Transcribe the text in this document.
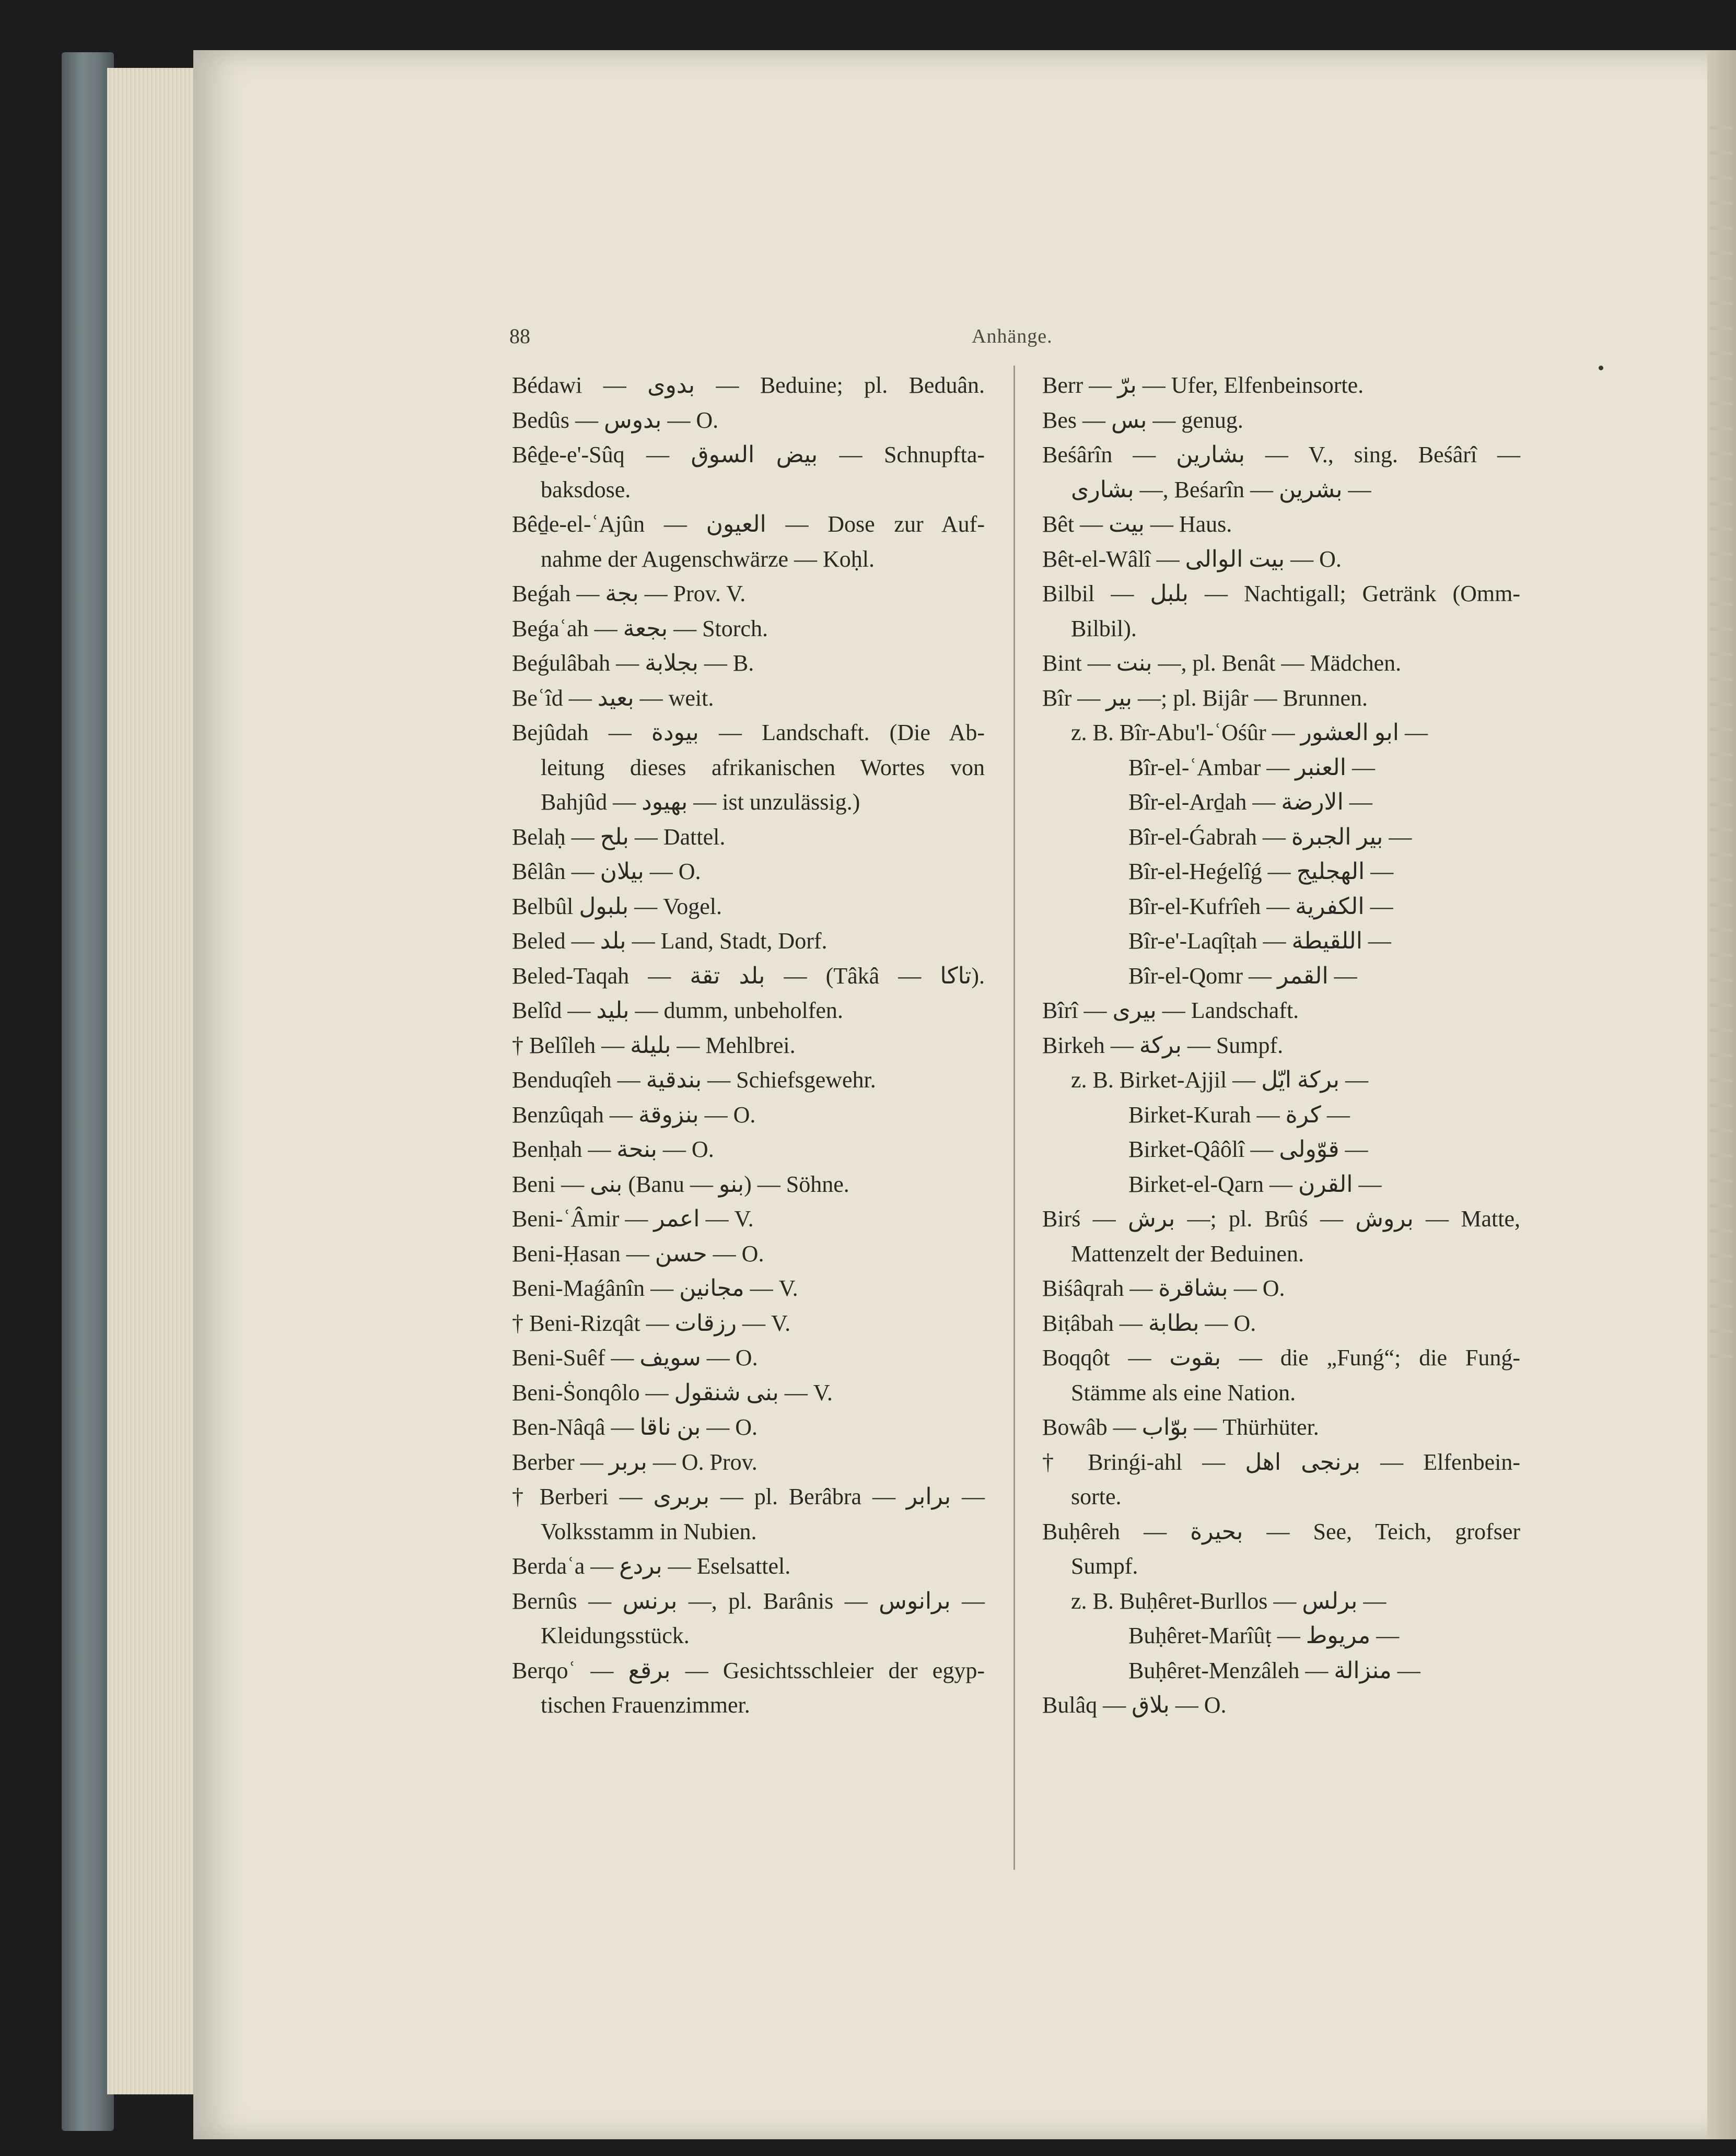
88	Anhänge.
Bédawi — بدوى — Beduine; pl. Beduân.
Bedûs — بدوس — O.
Bêḏe-e'-Sûq — بيض السوق — Schnupfta-
baksdose.
Bêḏe-el-ʿAjûn — العيون — Dose zur Auf-
nahme der Augenschwärze — Koḥl.
Beǵah — بجة — Prov. V.
Beǵaʿah — بجعة — Storch.
Beǵulâbah — بجلابة — B.
Beʿîd — بعيد — weit.
Bejûdah — بيودة — Landschaft. (Die Ab-
leitung dieses afrikanischen Wortes von
Bahjûd — بهيود — ist unzulässig.)
Belaḥ — بلح — Dattel.
Bêlân — بيلان — O.
Belbûl بلبول — Vogel.
Beled — بلد — Land, Stadt, Dorf.
Beled-Taqah — بلد تقة — (Tâkâ — تاكا).
Belîd — بليد — dumm, unbeholfen.
† Belîleh — بليلة — Mehlbrei.
Benduqîeh — بندقية — Schiefsgewehr.
Benzûqah — بنزوقة — O.
Benḥah — بنحة — O.
Beni — بنى (Banu — بنو) — Söhne.
Beni-ʿÂmir — اعمر — V.
Beni-Ḥasan — حسن — O.
Beni-Maǵânîn — مجانين — V.
† Beni-Rizqât — رزقات — V.
Beni-Suêf — سويف — O.
Beni-Ṡonqôlo — بنى شنقول — V.
Ben-Nâqâ — بن ناقا — O.
Berber — بربر — O. Prov.
† Berberi — بربرى — pl. Berâbra — برابر —
Volksstamm in Nubien.
Berdaʿa — بردع — Eselsattel.
Bernûs — برنس —, pl. Barânis — برانوس —
Kleidungsstück.
Berqoʿ — برقع — Gesichtsschleier der egyp-
tischen Frauenzimmer.
Berr — برّ — Ufer, Elfenbeinsorte.
Bes — بس — genug.
Beśârîn — بشارين — V., sing. Beśârî —
بشارى —, Beśarîn — بشرين —
Bêt — بيت — Haus.
Bêt-el-Wâlî — بيت الوالى — O.
Bilbil — بلبل — Nachtigall; Getränk (Omm-
Bilbil).
Bint — بنت —, pl. Benât — Mädchen.
Bîr — بير —; pl. Bijâr — Brunnen.
z. B. Bîr-Abu'l-ʿOśûr — ابو العشور —
Bîr-el-ʿAmbar — العنبر —
Bîr-el-Arḏah — الارضة —
Bîr-el-Ǵabrah — بير الجبرة —
Bîr-el-Heǵelîǵ — الهجليج —
Bîr-el-Kufrîeh — الكفرية —
Bîr-e'-Laqîṭah — اللقيطة —
Bîr-el-Qomr — القمر —
Bîrî — بيرى — Landschaft.
Birkeh — بركة — Sumpf.
z. B. Birket-Ajjil — بركة ايّل —
Birket-Kurah — كرة —
Birket-Qâôlî — قوّولى —
Birket-el-Qarn — القرن —
Birś — برش —; pl. Brûś — بروش — Matte,
Mattenzelt der Beduinen.
Biśâqrah — بشاقرة — O.
Biṭâbah — بطابة — O.
Boqqôt — بقوت — die „Funǵ“; die Funǵ-
Stämme als eine Nation.
Bowâb — بوّاب — Thürhüter.
† Brinǵi-ahl — برنجى اهل — Elfenbein-
sorte.
Buḥêreh — بحيرة — See, Teich, grofser
Sumpf.
z. B. Buḥêret-Burllos — برلس —
Buḥêret-Marîûṭ — مريوط —
Buḥêret-Menzâleh — منزالة —
Bulâq — بلاق — O.
